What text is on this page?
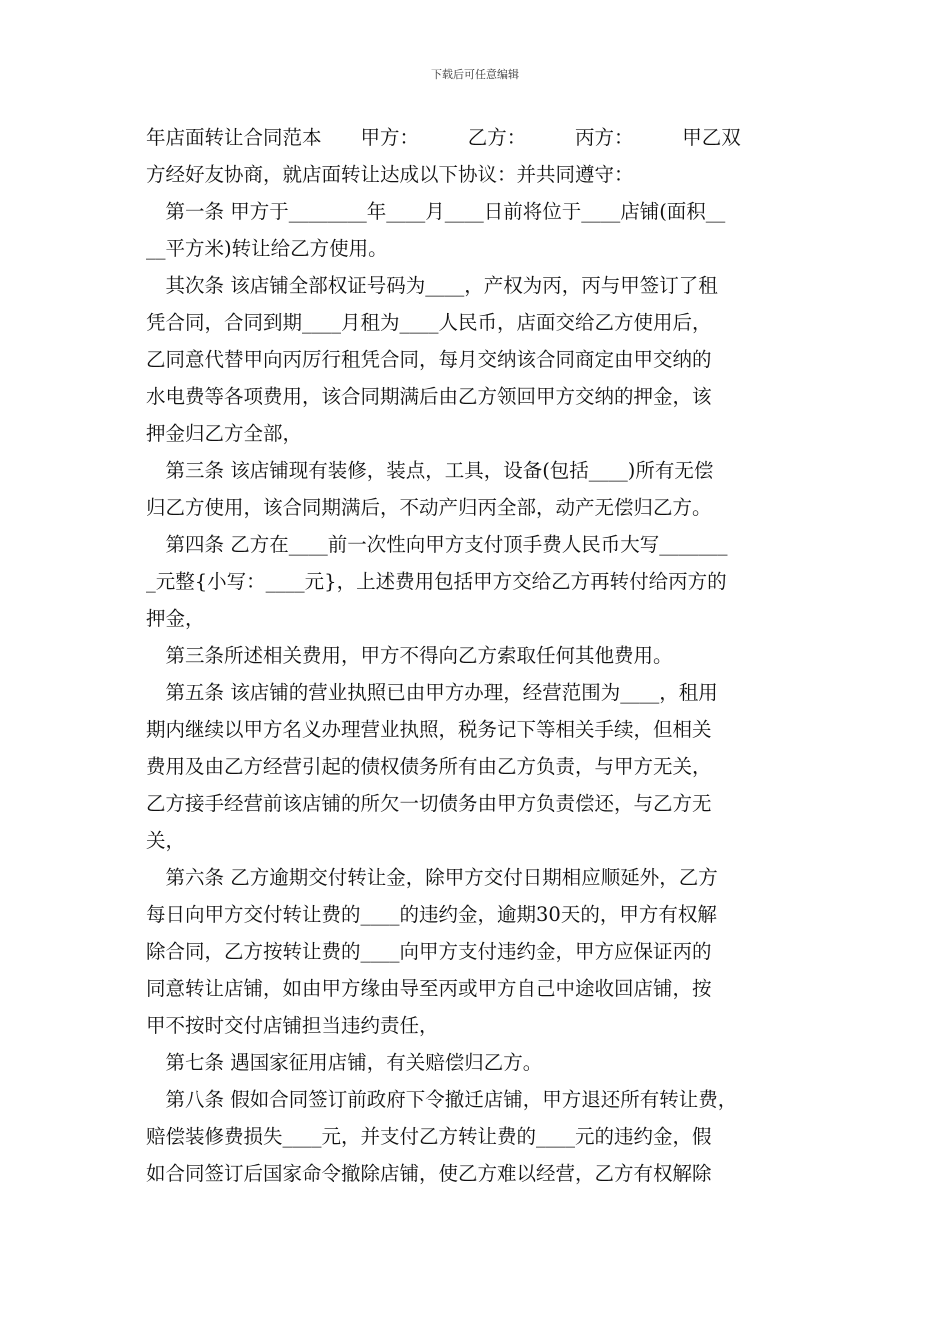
下载后可任意编辑
年店面转让合同范本　　甲方：　　　乙方：　　　丙方：　　　甲乙双
方经好友协商，就店面转让达成以下协议：并共同遵守：
　第一条 甲方于________年____月____日前将位于____店铺(面积__
__平方米)转让给乙方使用。
　其次条 该店铺全部权证号码为____，产权为丙，丙与甲签订了租
凭合同，合同到期____月租为____人民币，店面交给乙方使用后，
乙同意代替甲向丙厉行租凭合同，每月交纳该合同商定由甲交纳的
水电费等各项费用，该合同期满后由乙方领回甲方交纳的押金，该
押金归乙方全部，
　第三条 该店铺现有装修，装点，工具，设备(包括____)所有无偿
归乙方使用，该合同期满后，不动产归丙全部，动产无偿归乙方。
　第四条 乙方在____前一次性向甲方支付顶手费人民币大写_______
_元整{小写：____元}，上述费用包括甲方交给乙方再转付给丙方的
押金，
　第三条所述相关费用，甲方不得向乙方索取任何其他费用。
　第五条 该店铺的营业执照已由甲方办理，经营范围为____，租用
期内继续以甲方名义办理营业执照，税务记下等相关手续，但相关
费用及由乙方经营引起的债权债务所有由乙方负责，与甲方无关，
乙方接手经营前该店铺的所欠一切债务由甲方负责偿还，与乙方无
关，
　第六条 乙方逾期交付转让金，除甲方交付日期相应顺延外，乙方
每日向甲方交付转让费的____的违约金，逾期30天的，甲方有权解
除合同，乙方按转让费的____向甲方支付违约金，甲方应保证丙的
同意转让店铺，如由甲方缘由导至丙或甲方自己中途收回店铺，按
甲不按时交付店铺担当违约责任，
　第七条 遇国家征用店铺，有关赔偿归乙方。
　第八条 假如合同签订前政府下令撤迁店铺，甲方退还所有转让费，
赔偿装修费损失____元，并支付乙方转让费的____元的违约金，假
如合同签订后国家命令撤除店铺，使乙方难以经营，乙方有权解除
